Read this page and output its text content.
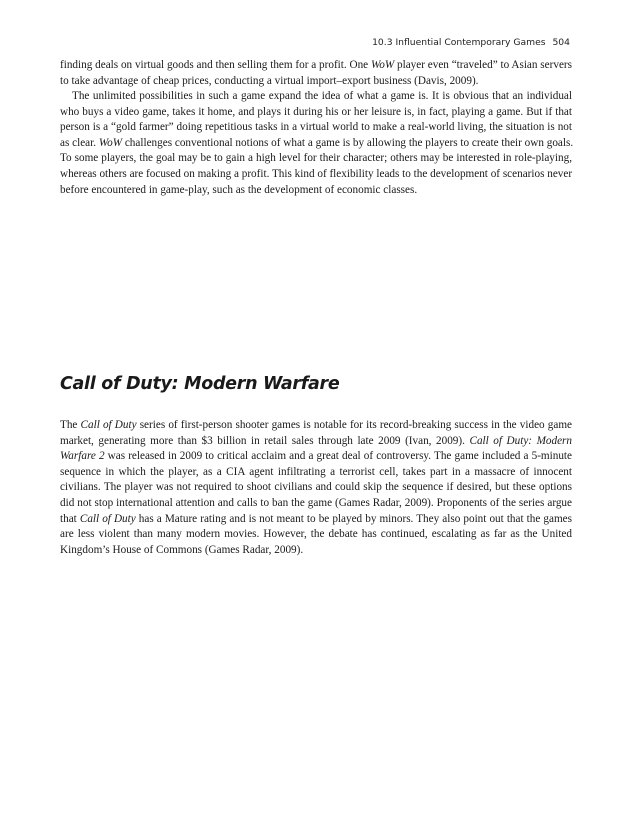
10.3 Influential Contemporary Games 504

finding deals on virtual goods and then selling them for a profit. One WoW player even “traveled” to Asian servers
to take advantage of cheap prices, conducting a virtual import–export business (Davis, 2009).

The unlimited possibilities in such a game expand the idea of what a game is. It is obvious that an individual
who buys a video game, takes it home, and plays it during his or her leisure is, in fact, playing a game. But if that
person is a “gold farmer” doing repetitious tasks in a virtual world to make a real-world living, the situation is not
as clear. WoW challenges conventional notions of what a game is by allowing the players to create their own goals.
To some players, the goal may be to gain a high level for their character; others may be interested in role-playing,
whereas others are focused on making a profit. This kind of flexibility leads to the development of scenarios never
before encountered in game-play, such as the development of economic classes.

Call of Duty: Modern Warfare

The Call of Duty series of first-person shooter games is notable for its record-breaking success in the video game
market, generating more than $3 billion in retail sales through late 2009 (Ivan, 2009). Call of Duty: Modern
Warfare 2 was released in 2009 to critical acclaim and a great deal of controversy. The game included a 5-minute
sequence in which the player, as a CIA agent infiltrating a terrorist cell, takes part in a massacre of innocent
civilians. The player was not required to shoot civilians and could skip the sequence if desired, but these options
did not stop international attention and calls to ban the game (Games Radar, 2009). Proponents of the series argue
that Call of Duty has a Mature rating and is not meant to be played by minors. They also point out that the games
are less violent than many modern movies. However, the debate has continued, escalating as far as the United
Kingdom’s House of Commons (Games Radar, 2009).
